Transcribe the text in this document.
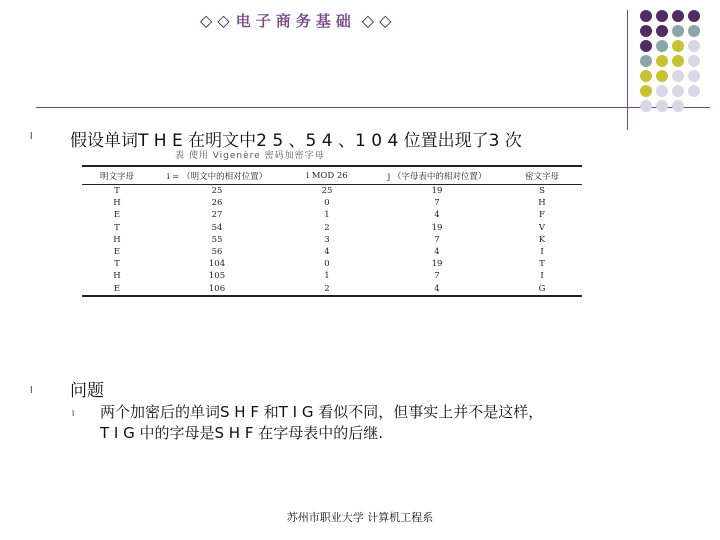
◇ ◇ 电子商务基础 ◇ ◇
l 假设单词T H E 在明文中2 5 、5 4 、1 0 4 位置出现了3 次
表 使用 Vigenère 密码加密字母
明文字母	i = （明文中的相对位置）	i MOD 26	j （字母表中的相对位置）	密文字母
T	25	25	19	S
H	26	0	7	H
E	27	1	4	F
T	54	2	19	V
H	55	3	7	K
E	56	4	4	I
T	104	0	19	T
H	105	1	7	I
E	106	2	4	G
l 问题
l 两个加密后的单词S H F 和T I G 看似不同，但事实上并不是这样，
T I G 中的字母是S H F 在字母表中的后继.
苏州市职业大学 计算机工程系
